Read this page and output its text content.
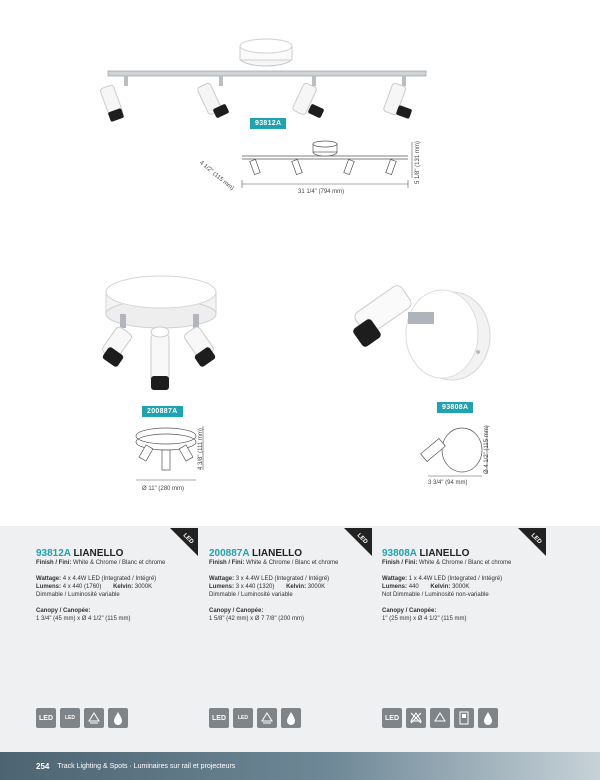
93812A
31 1/4" (794 mm)
5 1/8" (131 mm)
4 1/2" (115 mm)
200887A
Ø 11" (280 mm)
4 3/8" (111 mm)
93808A
3 3/4" (94 mm)
Ø 4 1/2" (115 mm)
LED	LED	LED
93812A LIANELLO
Finish / Fini: White & Chrome / Blanc et chrome
Wattage: 4 x 4.4W LED (Integrated / Intégré)
Lumens: 4 x 440 (1760) Kelvin: 3000K
Dimmable / Luminosité variable
Canopy / Canopée:
1 3/4" (45 mm) x Ø 4 1/2" (115 mm)
200887A LIANELLO
Finish / Fini: White & Chrome / Blanc et chrome
Wattage: 3 x 4.4W LED (Integrated / Intégré)
Lumens: 3 x 440 (1320) Kelvin: 3000K
Dimmable / Luminosité variable
Canopy / Canopée:
1 5/8" (42 mm) x Ø 7 7/8" (200 mm)
93808A LIANELLO
Finish / Fini: White & Chrome / Blanc et chrome
Wattage: 1 x 4.4W LED (Integrated / Intégré)
Lumens: 440 Kelvin: 3000K
Not Dimmable / Luminosité non-variable
Canopy / Canopée:
1" (25 mm) x Ø 4 1/2" (115 mm)
LED	LED	LED	LED	LED
254 Track Lighting & Spots · Luminaires sur rail et projecteurs
